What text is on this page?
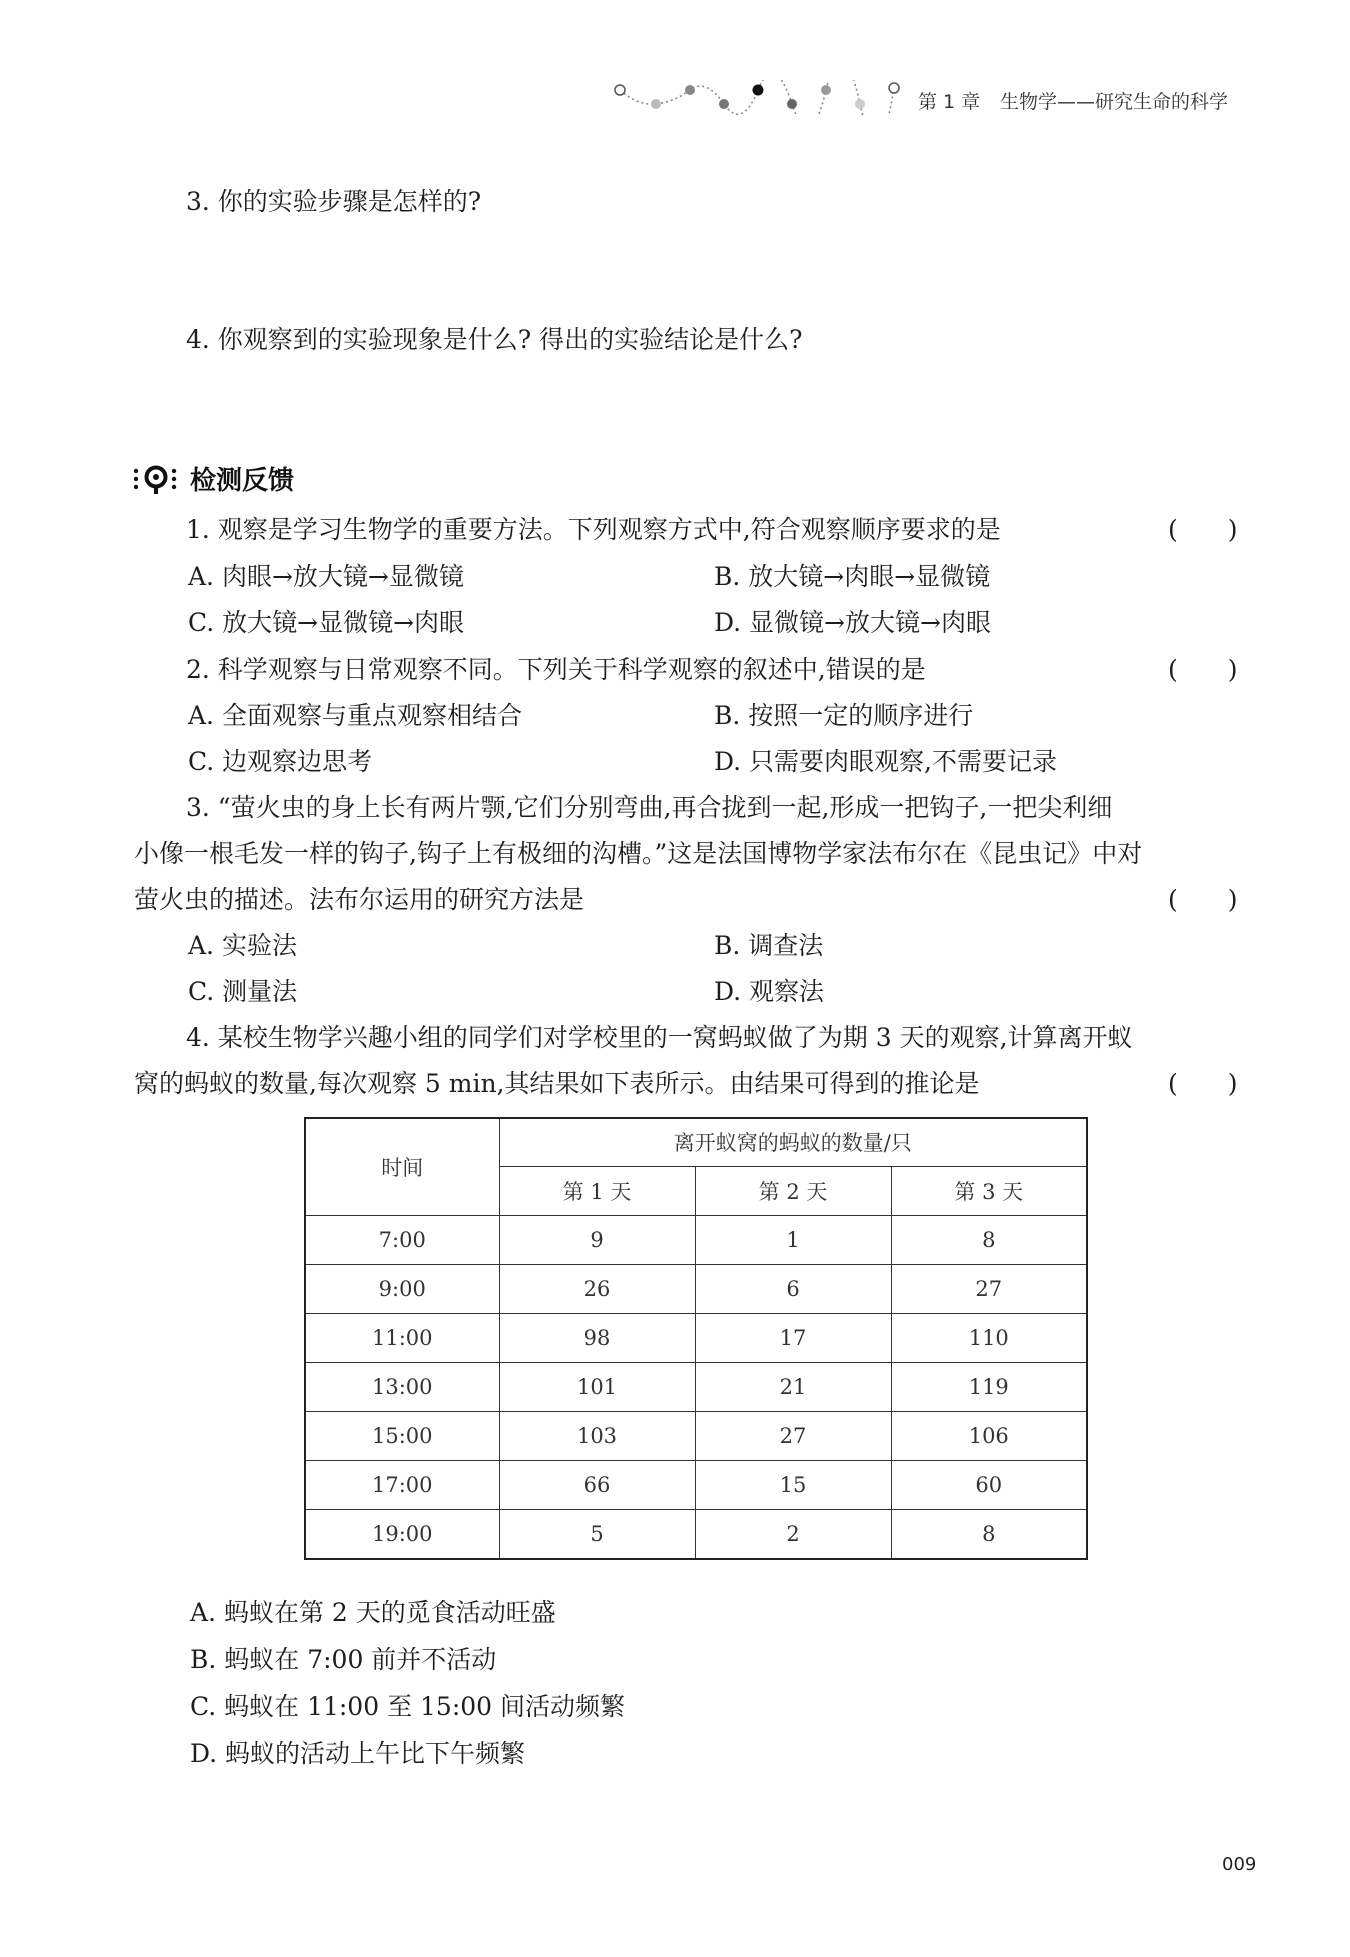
第 1 章 生物学——研究生命的科学
3. 你的实验步骤是怎样的?
4. 你观察到的实验现象是什么? 得出的实验结论是什么?
检测反馈
1. 观察是学习生物学的重要方法。下列观察方式中,符合观察顺序要求的是	(　　)
A. 肉眼→放大镜→显微镜	B. 放大镜→肉眼→显微镜
C. 放大镜→显微镜→肉眼	D. 显微镜→放大镜→肉眼
2. 科学观察与日常观察不同。下列关于科学观察的叙述中,错误的是	(　　)
A. 全面观察与重点观察相结合	B. 按照一定的顺序进行
C. 边观察边思考	D. 只需要肉眼观察,不需要记录
3. “萤火虫的身上长有两片颚,它们分别弯曲,再合拢到一起,形成一把钩子,一把尖利细
小像一根毛发一样的钩子,钩子上有极细的沟槽。”这是法国博物学家法布尔在《昆虫记》中对
萤火虫的描述。法布尔运用的研究方法是	(　　)
A. 实验法	B. 调查法
C. 测量法	D. 观察法
4. 某校生物学兴趣小组的同学们对学校里的一窝蚂蚁做了为期 3 天的观察,计算离开蚁
窝的蚂蚁的数量,每次观察 5 min,其结果如下表所示。由结果可得到的推论是	(　　)
时间	离开蚁窝的蚂蚁的数量/只		
	第 1 天	第 2 天	第 3 天
7:00	9	1	8
9:00	26	6	27
11:00	98	17	110
13:00	101	21	119
15:00	103	27	106
17:00	66	15	60
19:00	5	2	8
A. 蚂蚁在第 2 天的觅食活动旺盛
B. 蚂蚁在 7:00 前并不活动
C. 蚂蚁在 11:00 至 15:00 间活动频繁
D. 蚂蚁的活动上午比下午频繁
009
